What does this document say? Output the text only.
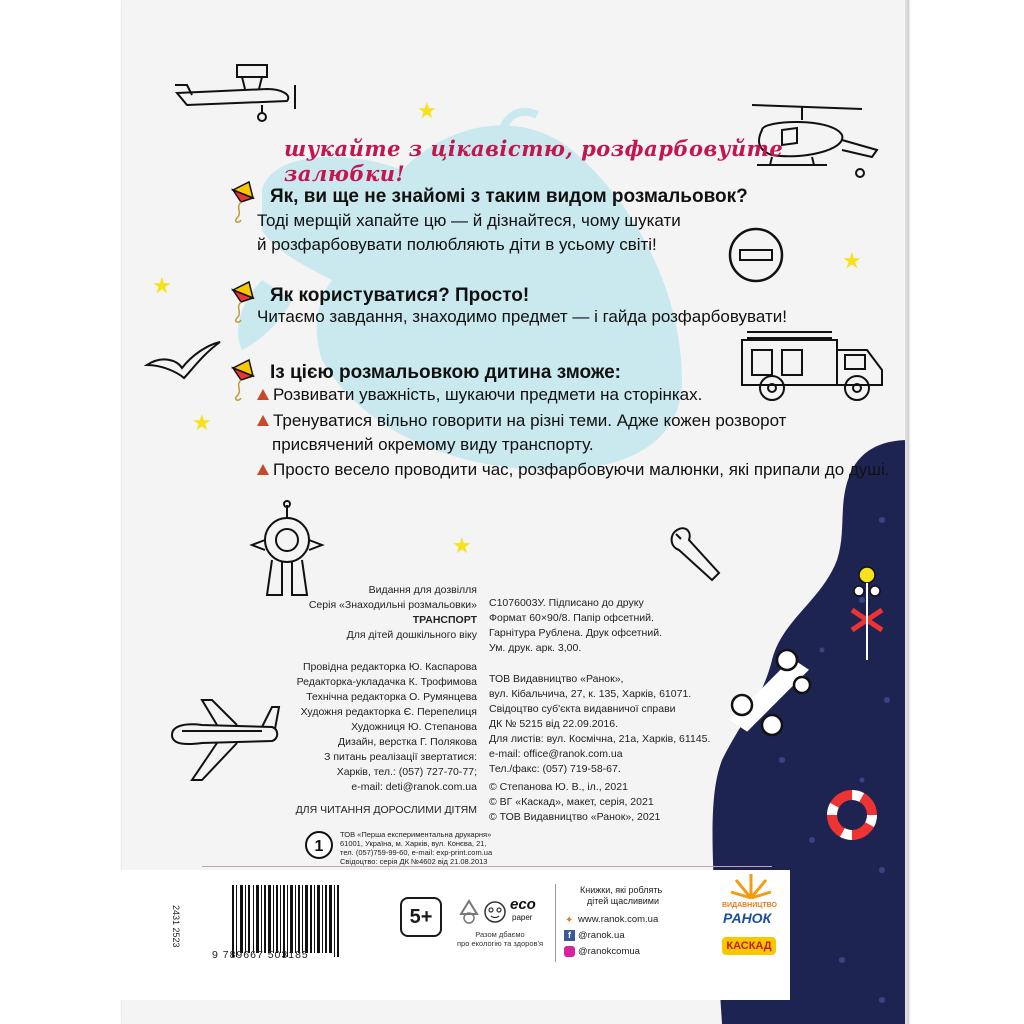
★
★
★
★
★
шукайте з цікавістю, розфарбовуйте залюбки!
Як, ви ще не знайомі з таким видом розмальовок?
Тоді мерщій хапайте цю — й дізнайтеся, чому шукати
й розфарбовувати полюбляють діти в усьому світі!
Як користуватися? Просто!
Читаємо завдання, знаходимо предмет — і гайда розфарбовувати!
Із цією розмальовкою дитина зможе:
Розвивати уважність, шукаючи предмети на сторінках.
Тренуватися вільно говорити на різні теми. Адже кожен розворот
присвячений окремому виду транспорту.
Просто весело проводити час, розфарбовуючи малюнки, які припали до душі.
Видання для дозвілля
Серія «Знаходильні розмальовки»
ТРАНСПОРТ
Для дітей дошкільного віку
Провідна редакторка Ю. Каспарова
Редакторка-укладачка К. Трофимова
Технічна редакторка О. Румянцева
Художня редакторка Є. Перепелиця
Художниця Ю. Степанова
Дизайн, верстка Г. Полякова
З питань реалізації звертатися:
Харків, тел.: (057) 727-70-77;
e-mail: deti@ranok.com.ua
ДЛЯ ЧИТАННЯ ДОРОСЛИМИ ДІТЯМ
С1076003У. Підписано до друку
Формат 60×90/8. Папір офсетний.
Гарнітура Рублена. Друк офсетний.
Ум. друк. арк. 3,00.
ТОВ Видавництво «Ранок»,
вул. Кібальчича, 27, к. 135, Харків, 61071.
Свідоцтво суб'єкта видавничої справи
ДК № 5215 від 22.09.2016.
Для листів: вул. Космічна, 21а, Харків, 61145.
e-mail: office@ranok.com.ua
Тел./факс: (057) 719-58-67.
© Степанова Ю. В., іл., 2021
© ВГ «Каскад», макет, серія, 2021
© ТОВ Видавництво «Ранок», 2021
1
ТОВ «Перша експериментальна друкарня»
61001, Україна, м. Харків, вул. Конєва, 21,
тел. (057)759-99-60, e-mail: exp-print.com.ua
Свідоцтво: серія ДК №4602 від 21.08.2013
9 789667 503185
2431 2523	5+
eco
paper
Разом дбаємо
про екологію та здоров'я
Книжки, які роблять
дітей щасливими
✦ www.ranok.com.ua
f @ranok.ua
@ranokcomua
ВИДАВНИЦТВО
РАНОК
КАСКАД
